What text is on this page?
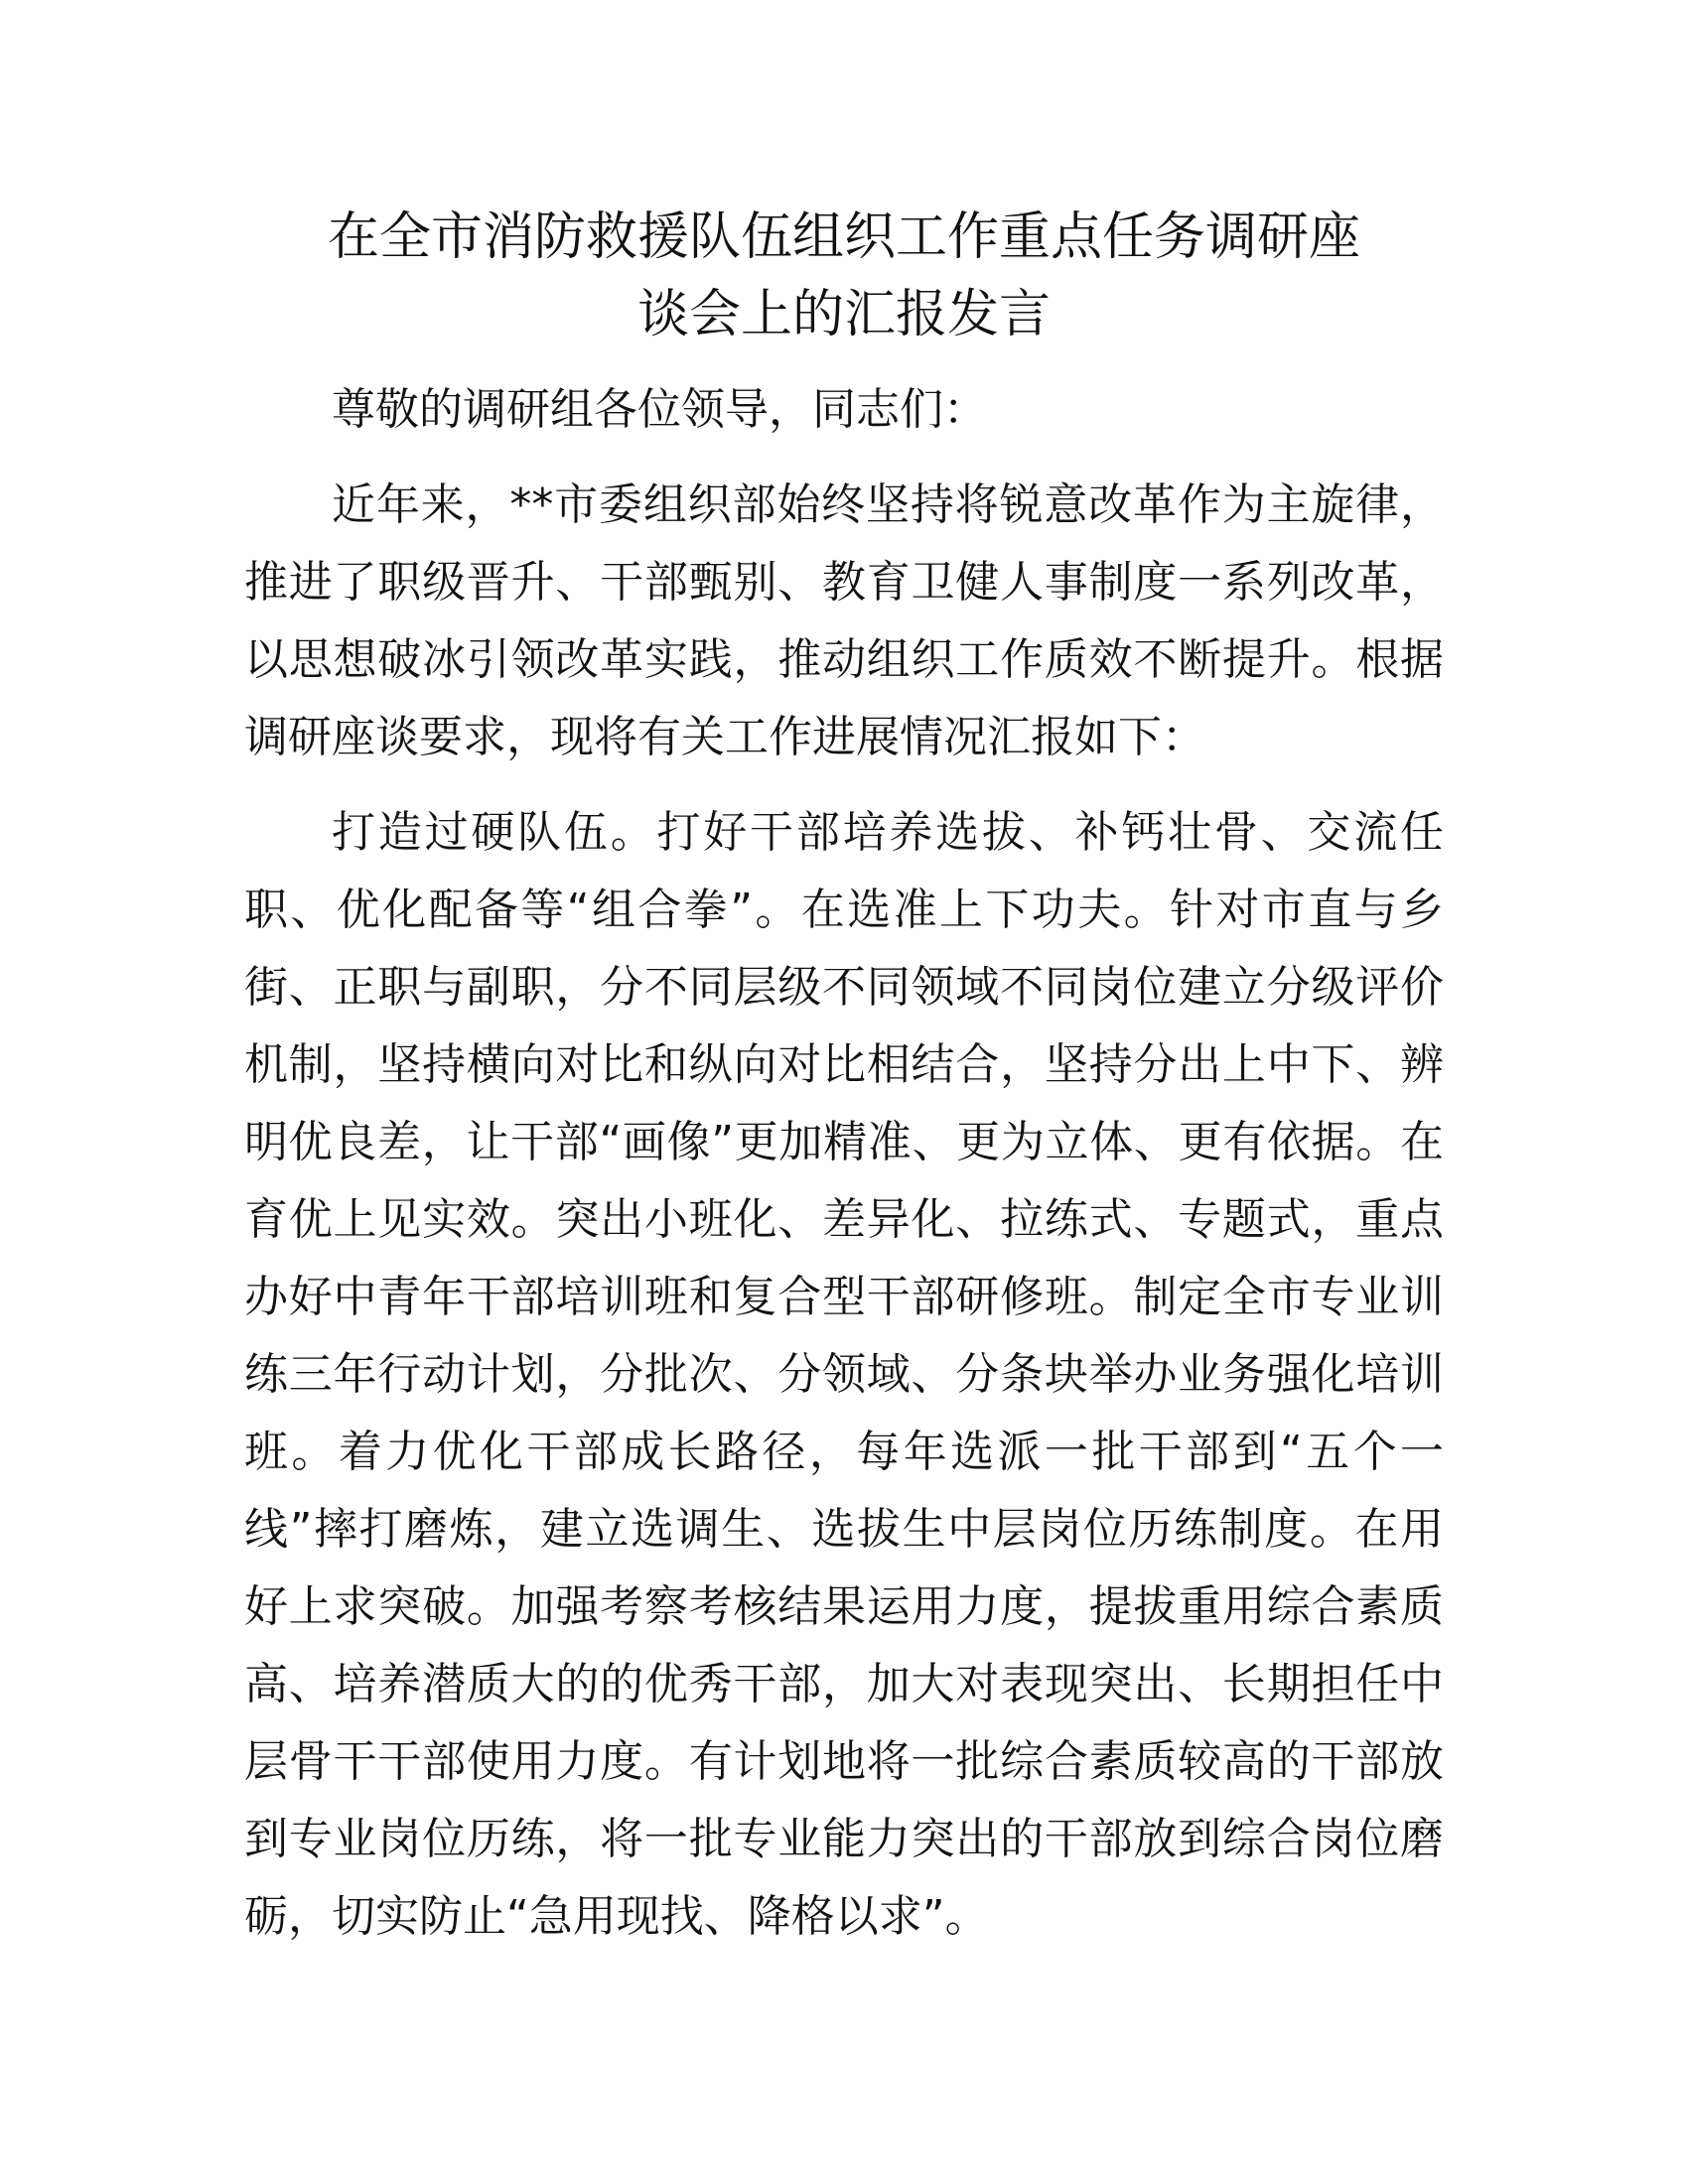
在全市消防救援队伍组织工作重点任务调研座
谈会上的汇报发言

尊敬的调研组各位领导，同志们：

近年来，**市委组织部始终坚持将锐意改革作为主旋律，推进了职级晋升、干部甄别、教育卫健人事制度一系列改革，以思想破冰引领改革实践，推动组织工作质效不断提升。根据调研座谈要求，现将有关工作进展情况汇报如下：

打造过硬队伍。打好干部培养选拔、补钙壮骨、交流任职、优化配备等“组合拳”。在选准上下功夫。针对市直与乡街、正职与副职，分不同层级不同领域不同岗位建立分级评价机制，坚持横向对比和纵向对比相结合，坚持分出上中下、辨明优良差，让干部“画像”更加精准、更为立体、更有依据。在育优上见实效。突出小班化、差异化、拉练式、专题式，重点办好中青年干部培训班和复合型干部研修班。制定全市专业训练三年行动计划，分批次、分领域、分条块举办业务强化培训班。着力优化干部成长路径，每年选派一批干部到“五个一线”摔打磨炼，建立选调生、选拔生中层岗位历练制度。在用好上求突破。加强考察考核结果运用力度，提拔重用综合素质高、培养潜质大的的优秀干部，加大对表现突出、长期担任中层骨干干部使用力度。有计划地将一批综合素质较高的干部放到专业岗位历练，将一批专业能力突出的干部放到综合岗位磨砺，切实防止“急用现找、降格以求”。
